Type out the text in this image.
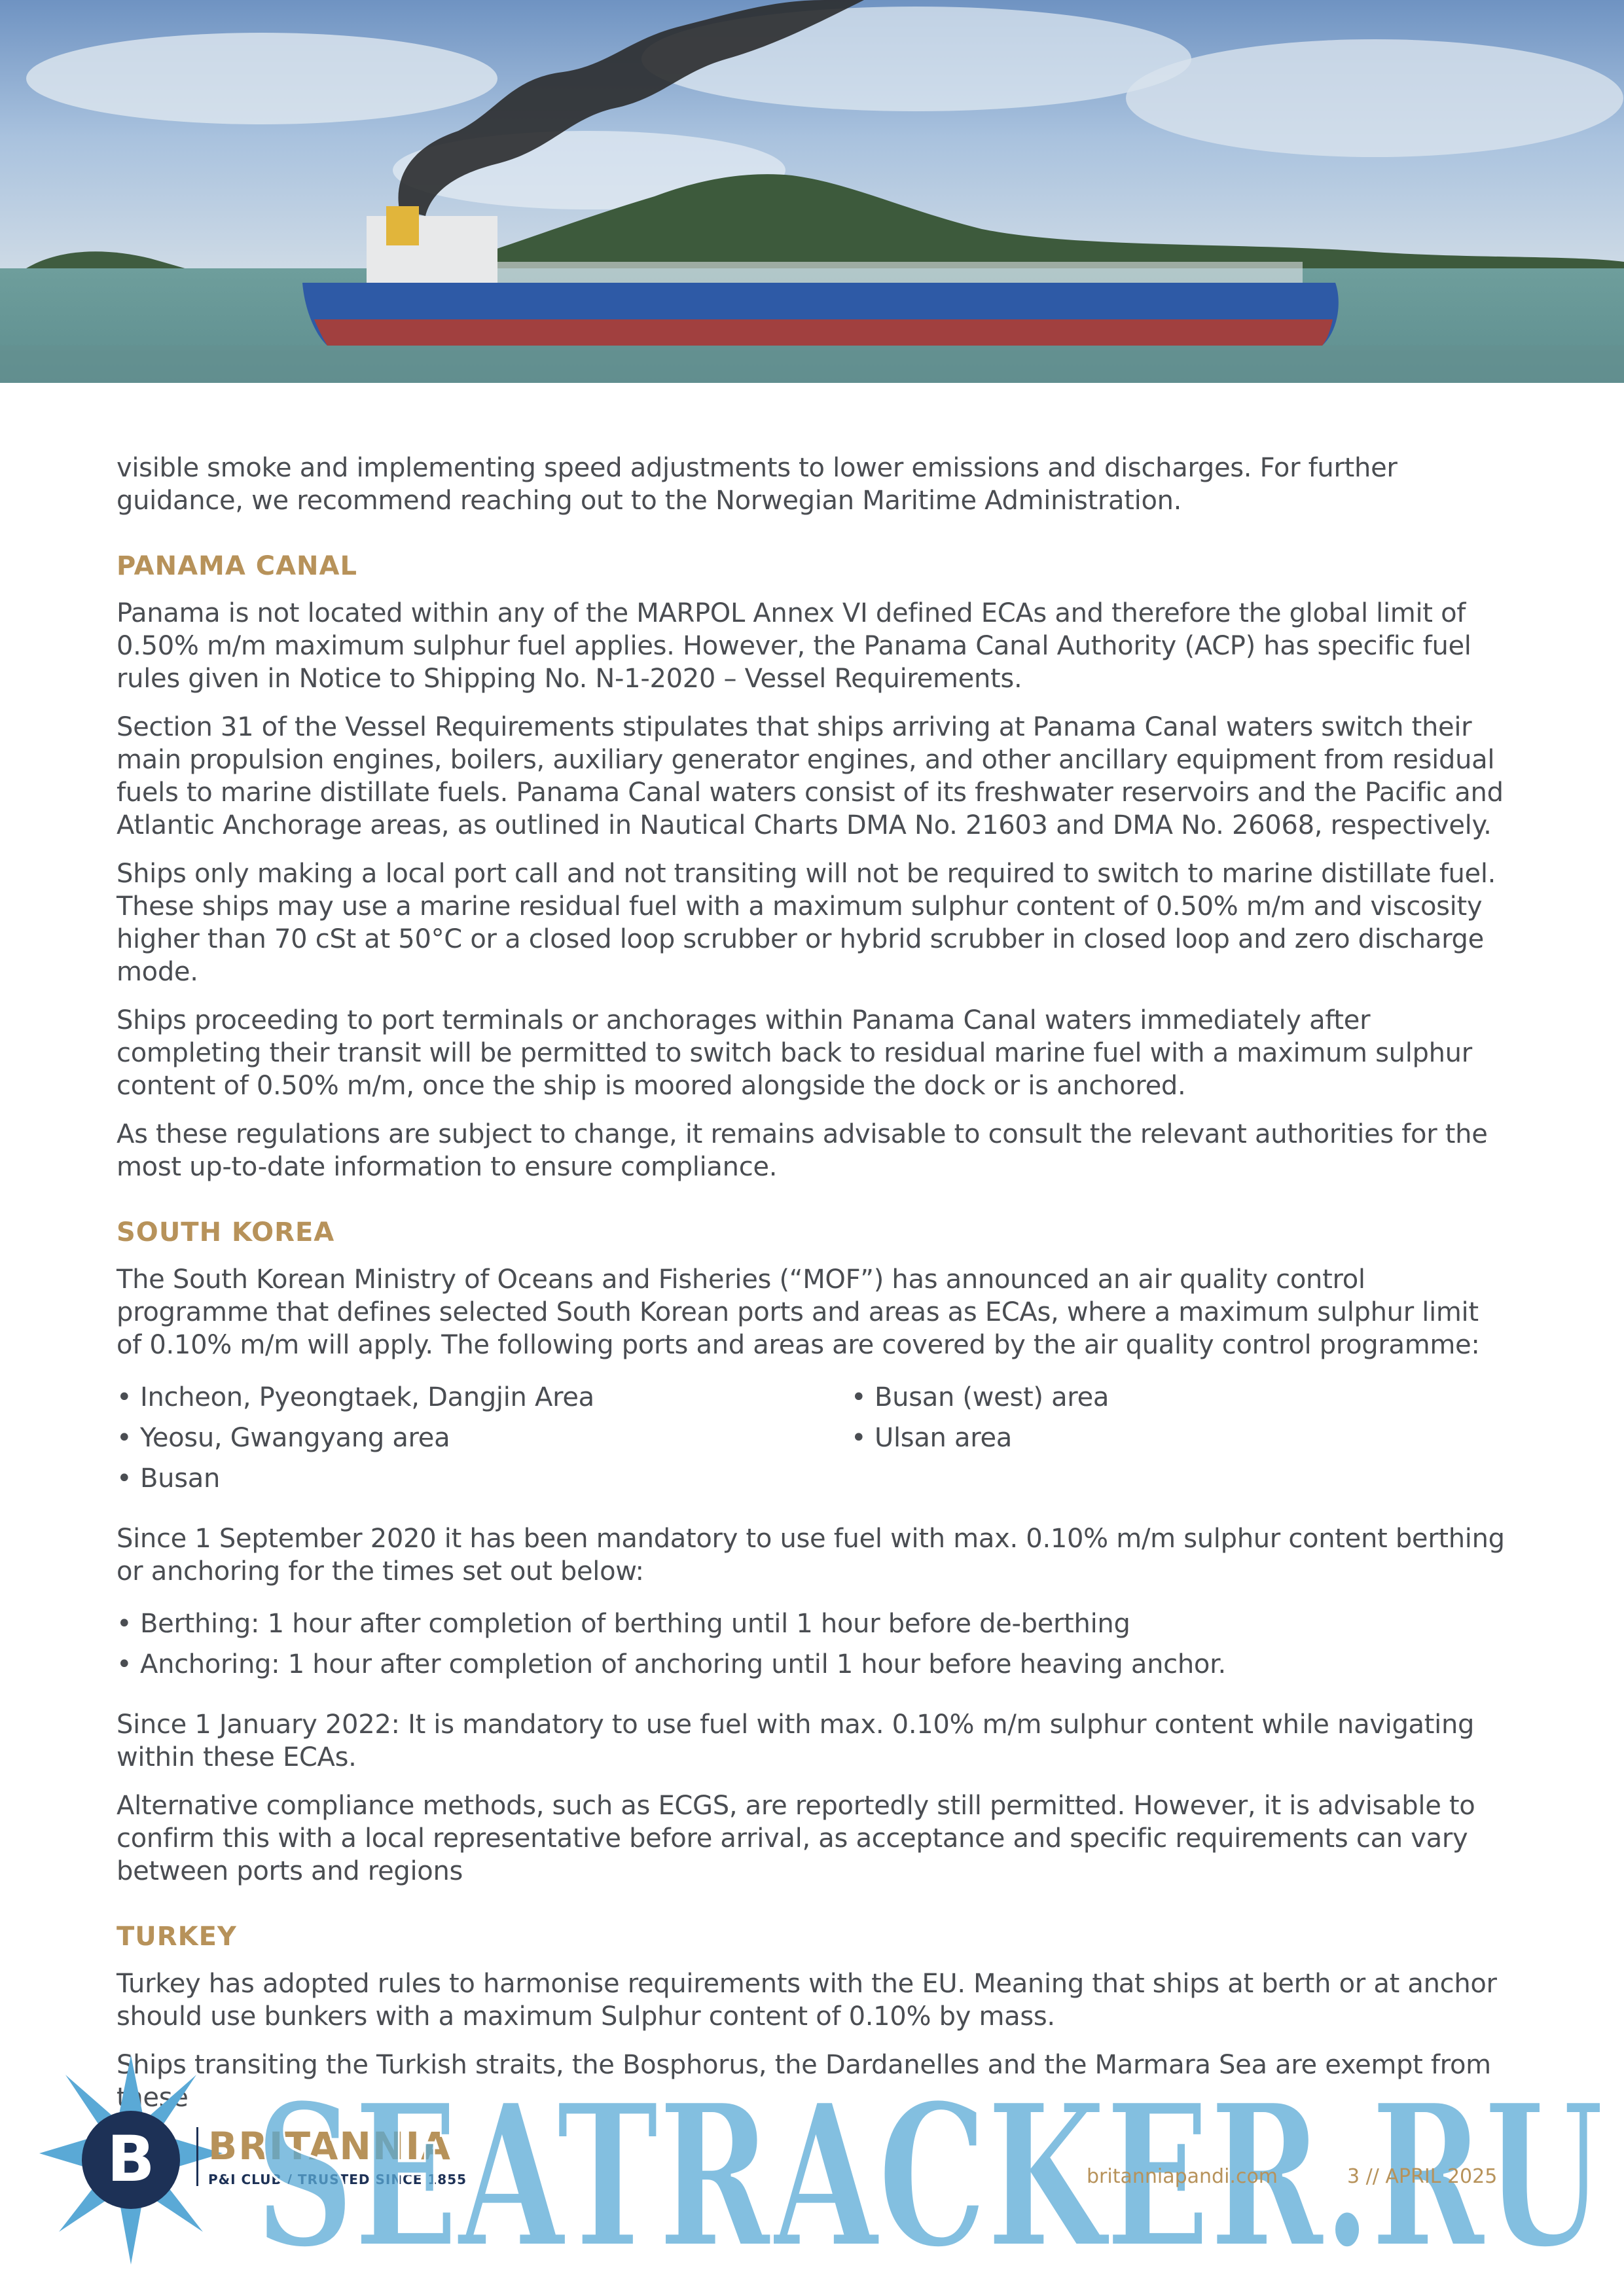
visible smoke and implementing speed adjustments to lower emissions and discharges. For further guidance, we recommend reaching out to the Norwegian Maritime Administration.

PANAMA CANAL

Panama is not located within any of the MARPOL Annex VI defined ECAs and therefore the global limit of 0.50% m/m maximum sulphur fuel applies. However, the Panama Canal Authority (ACP) has specific fuel rules given in Notice to Shipping No. N-1-2020 – Vessel Requirements.

Section 31 of the Vessel Requirements stipulates that ships arriving at Panama Canal waters switch their main propulsion engines, boilers, auxiliary generator engines, and other ancillary equipment from residual fuels to marine distillate fuels. Panama Canal waters consist of its freshwater reservoirs and the Pacific and Atlantic Anchorage areas, as outlined in Nautical Charts DMA No. 21603 and DMA No. 26068, respectively.

Ships only making a local port call and not transiting will not be required to switch to marine distillate fuel. These ships may use a marine residual fuel with a maximum sulphur content of 0.50% m/m and viscosity higher than 70 cSt at 50°C or a closed loop scrubber or hybrid scrubber in closed loop and zero discharge mode.

Ships proceeding to port terminals or anchorages within Panama Canal waters immediately after completing their transit will be permitted to switch back to residual marine fuel with a maximum sulphur content of 0.50% m/m, once the ship is moored alongside the dock or is anchored.

As these regulations are subject to change, it remains advisable to consult the relevant authorities for the most up-to-date information to ensure compliance.

SOUTH KOREA

The South Korean Ministry of Oceans and Fisheries (“MOF”) has announced an air quality control programme that defines selected South Korean ports and areas as ECAs, where a maximum sulphur limit of 0.10% m/m will apply. The following ports and areas are covered by the air quality control programme:

• Incheon, Pyeongtaek, Dangjin Area
• Yeosu, Gwangyang area
• Busan
• Busan (west) area
• Ulsan area

Since 1 September 2020 it has been mandatory to use fuel with max. 0.10% m/m sulphur content berthing or anchoring for the times set out below:

• Berthing: 1 hour after completion of berthing until 1 hour before de-berthing
• Anchoring: 1 hour after completion of anchoring until 1 hour before heaving anchor.

Since 1 January 2022: It is mandatory to use fuel with max. 0.10% m/m sulphur content while navigating within these ECAs.

Alternative compliance methods, such as ECGS, are reportedly still permitted. However, it is advisable to confirm this with a local representative before arrival, as acceptance and specific requirements can vary between ports and regions

TURKEY

Turkey has adopted rules to harmonise requirements with the EU. Meaning that ships at berth or at anchor should use bunkers with a maximum Sulphur content of 0.10% by mass.

Ships transiting the Turkish straits, the Bosphorus, the Dardanelles and the Marmara Sea are exempt from these

B BRITANNIA
P&I CLUB / TRUSTED SINCE 1855
SEATRACKER.RU
britanniapandi.com	3 // APRIL 2025
